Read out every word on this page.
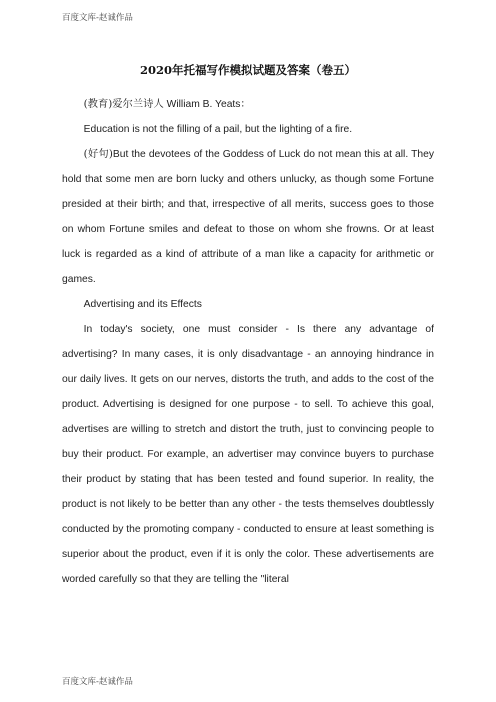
百度文库-赵诚作品
2020年托福写作模拟试题及答案（卷五）

(教育)爱尔兰诗人 William B. Yeats：

Education is not the filling of a pail, but the lighting of a fire.

(好句)But the devotees of the Goddess of Luck do not mean this at all. They hold that some men are born lucky and others unlucky, as though some Fortune presided at their birth; and that, irrespective of all merits, success goes to those on whom Fortune smiles and defeat to those on whom she frowns. Or at least luck is regarded as a kind of attribute of a man like a capacity for arithmetic or games.

Advertising and its Effects

In today's society, one must consider - Is there any advantage of advertising? In many cases, it is only disadvantage - an annoying hindrance in our daily lives. It gets on our nerves, distorts the truth, and adds to the cost of the product. Advertising is designed for one purpose - to sell. To achieve this goal, advertises are willing to stretch and distort the truth, just to convincing people to buy their product. For example, an advertiser may convince buyers to purchase their product by stating that has been tested and found superior. In reality, the product is not likely to be better than any other - the tests themselves doubtlessly conducted by the promoting company - conducted to ensure at least something is superior about the product, even if it is only the color. These advertisements are worded carefully so that they are telling the "literal

百度文库-赵诚作品
